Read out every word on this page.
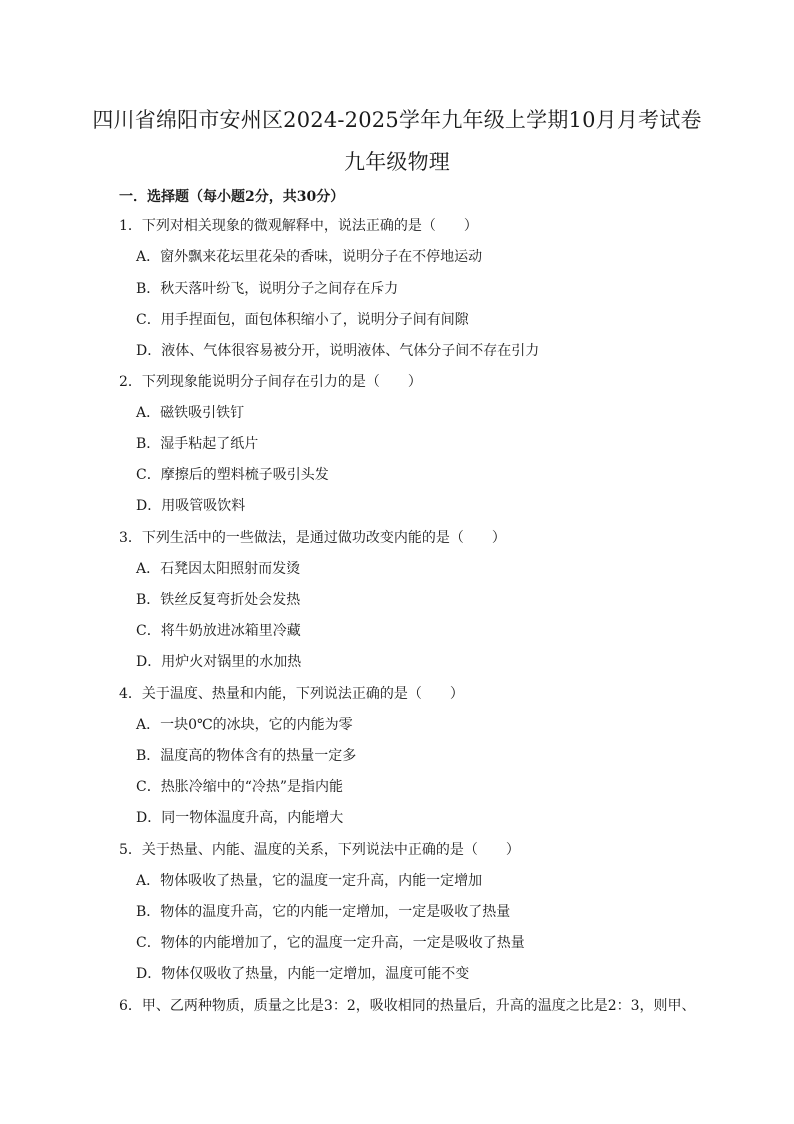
四川省绵阳市安州区2024-2025学年九年级上学期10月月考试卷
九年级物理
一．选择题（每小题2分，共30分）
1．下列对相关现象的微观解释中，说法正确的是（　　）
A．窗外飘来花坛里花朵的香味，说明分子在不停地运动
B．秋天落叶纷飞，说明分子之间存在斥力
C．用手捏面包，面包体积缩小了，说明分子间有间隙
D．液体、气体很容易被分开，说明液体、气体分子间不存在引力
2．下列现象能说明分子间存在引力的是（　　）
A．磁铁吸引铁钉
B．湿手粘起了纸片
C．摩擦后的塑料梳子吸引头发
D．用吸管吸饮料
3．下列生活中的一些做法，是通过做功改变内能的是（　　）
A．石凳因太阳照射而发烫
B．铁丝反复弯折处会发热
C．将牛奶放进冰箱里冷藏
D．用炉火对锅里的水加热
4．关于温度、热量和内能，下列说法正确的是（　　）
A．一块0℃的冰块，它的内能为零
B．温度高的物体含有的热量一定多
C．热胀冷缩中的“冷热”是指内能
D．同一物体温度升高，内能增大
5．关于热量、内能、温度的关系，下列说法中正确的是（　　）
A．物体吸收了热量，它的温度一定升高，内能一定增加
B．物体的温度升高，它的内能一定增加，一定是吸收了热量
C．物体的内能增加了，它的温度一定升高，一定是吸收了热量
D．物体仅吸收了热量，内能一定增加，温度可能不变
6．甲、乙两种物质，质量之比是3：2，吸收相同的热量后，升高的温度之比是2：3，则甲、
